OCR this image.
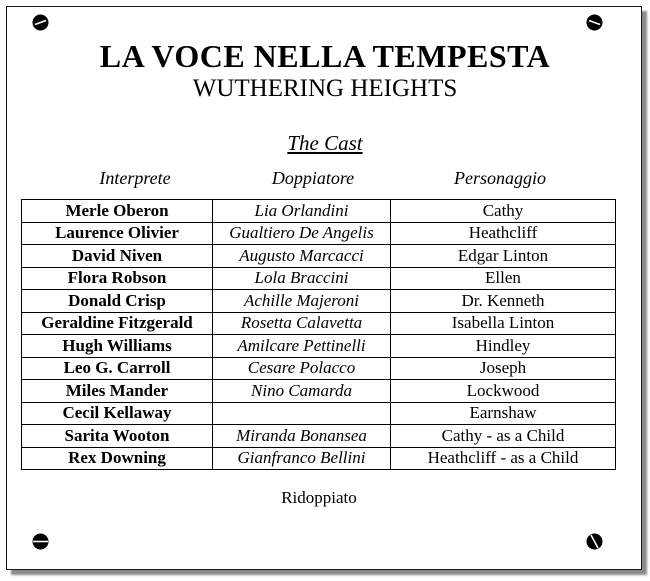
LA VOCE NELLA TEMPESTA
WUTHERING HEIGHTS
The Cast
Interprete	Doppiatore	Personaggio
Merle Oberon	Lia Orlandini	Cathy
Laurence Olivier	Gualtiero De Angelis	Heathcliff
David Niven	Augusto Marcacci	Edgar Linton
Flora Robson	Lola Braccini	Ellen
Donald Crisp	Achille Majeroni	Dr. Kenneth
Geraldine Fitzgerald	Rosetta Calavetta	Isabella Linton
Hugh Williams	Amilcare Pettinelli	Hindley
Leo G. Carroll	Cesare Polacco	Joseph
Miles Mander	Nino Camarda	Lockwood
Cecil Kellaway		Earnshaw
Sarita Wooton	Miranda Bonansea	Cathy - as a Child
Rex Downing	Gianfranco Bellini	Heathcliff - as a Child
Ridoppiato
